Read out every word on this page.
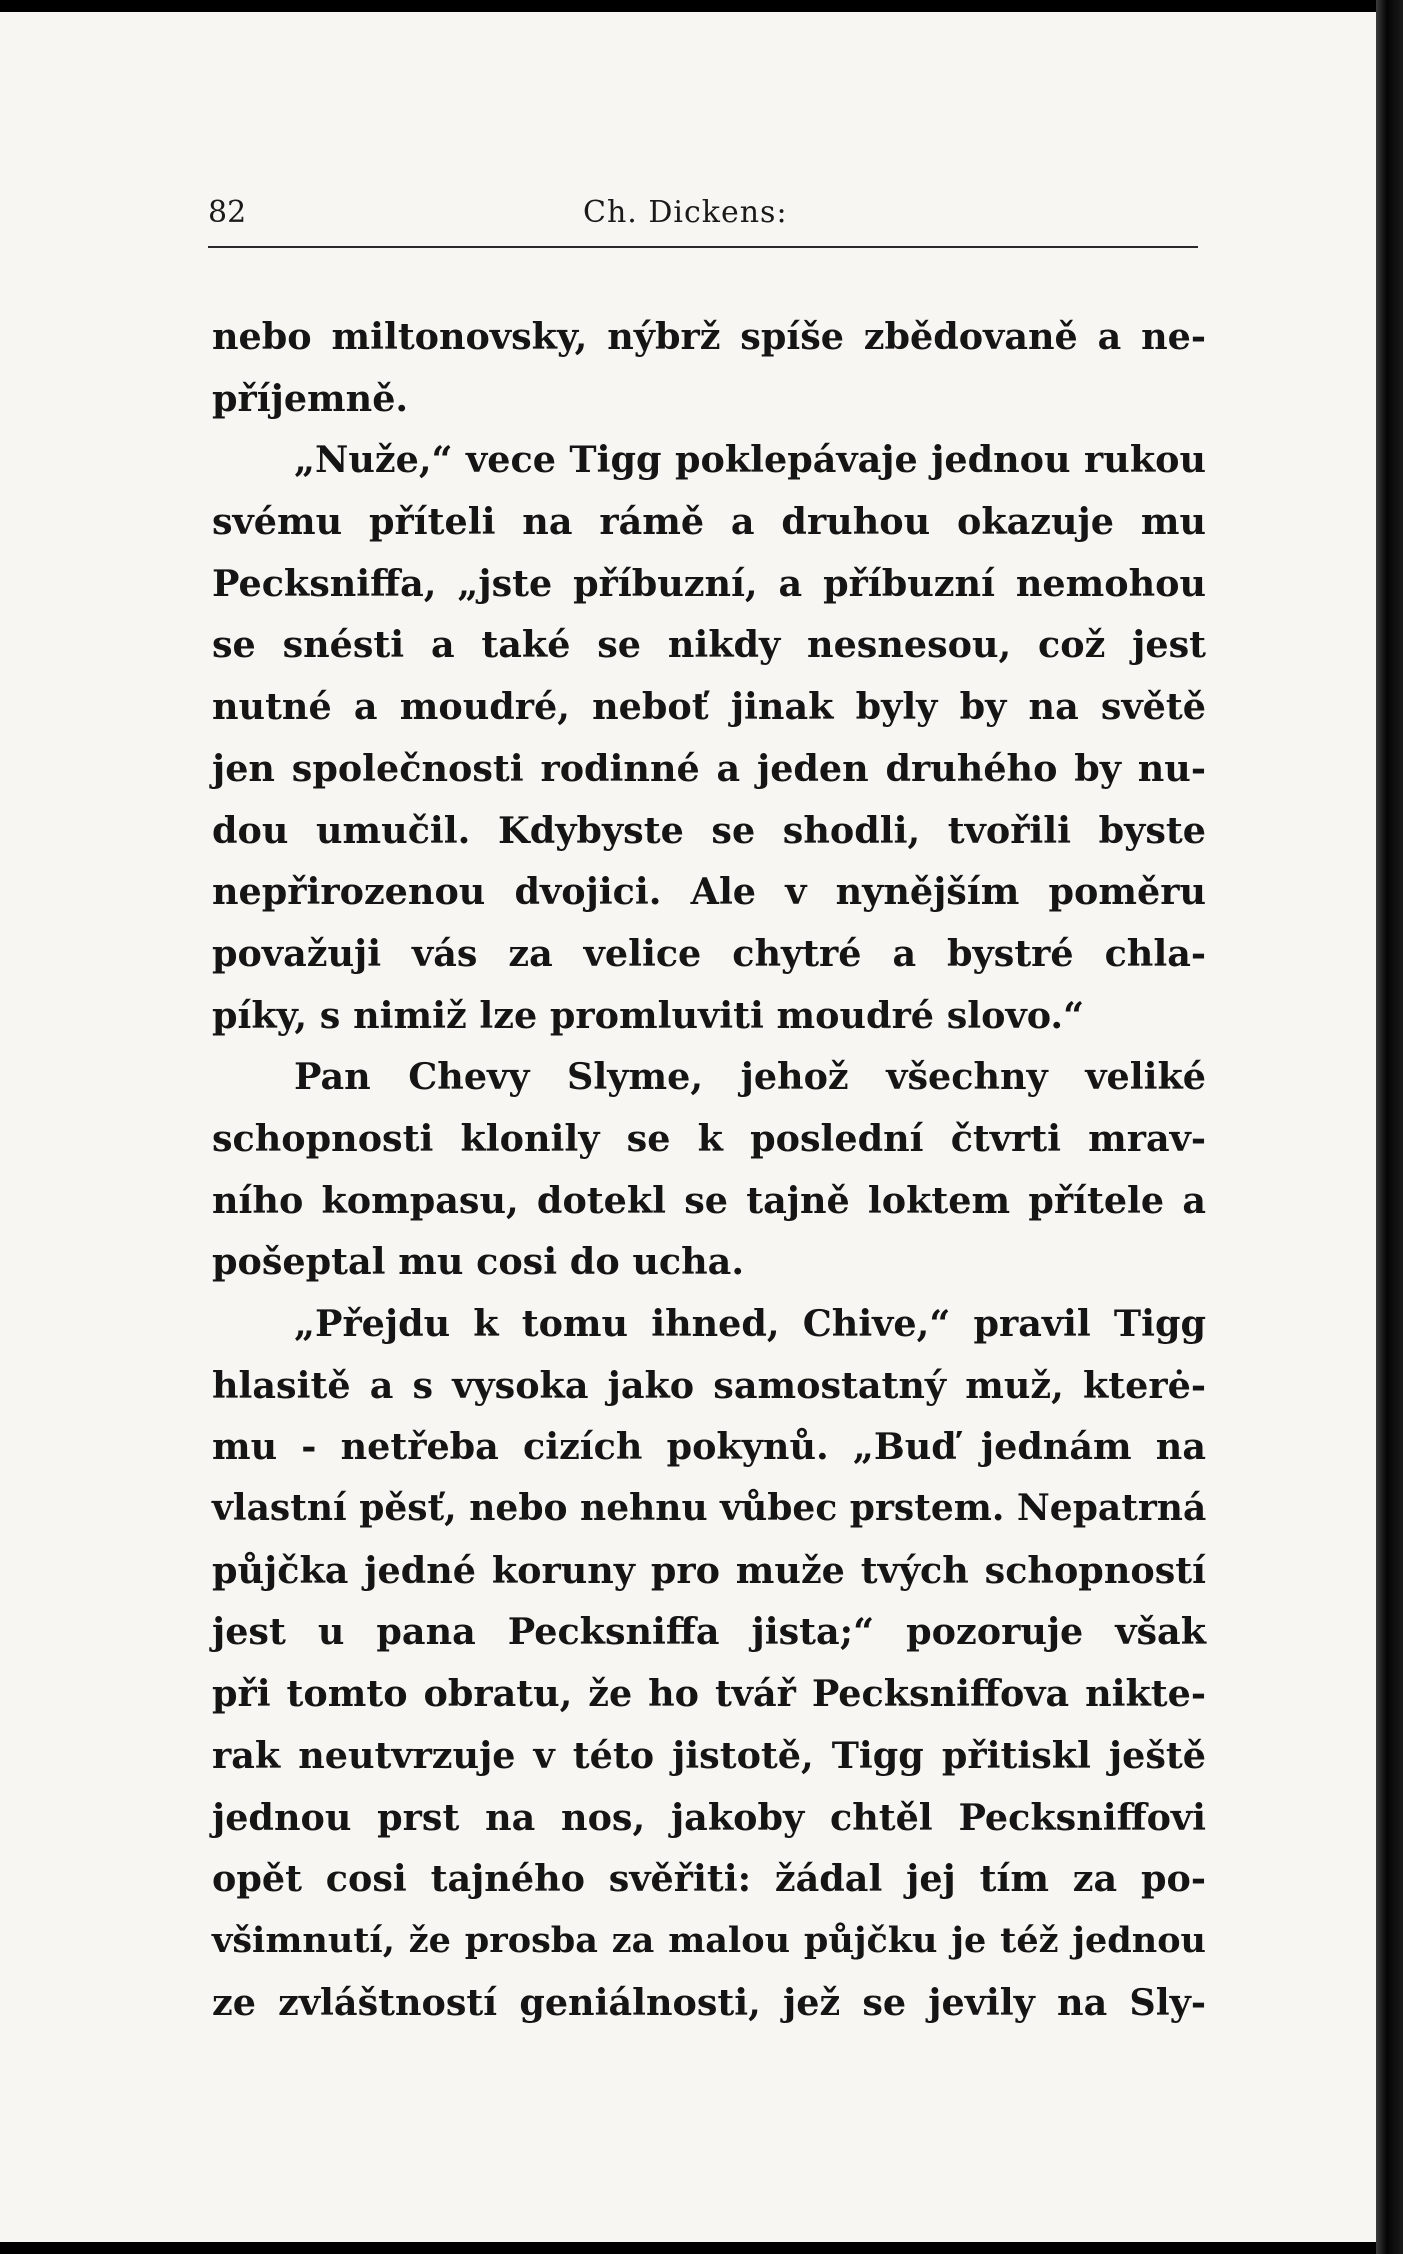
82	Ch. Dickens:
nebo miltonovsky, nýbrž spíše zbědovaně a ne-
příjemně.
„Nuže,“ vece Tigg poklepávaje jednou rukou
svému příteli na rámě a druhou okazuje mu
Pecksniffa, „jste příbuzní, a příbuzní nemohou
se snésti a také se nikdy nesnesou, což jest
nutné a moudré, neboť jinak byly by na světě
jen společnosti rodinné a jeden druhého by nu-
dou umučil. Kdybyste se shodli, tvořili byste
nepřirozenou dvojici. Ale v nynějším poměru
považuji vás za velice chytré a bystré chla-
píky, s nimiž lze promluviti moudré slovo.“
Pan Chevy Slyme, jehož všechny veliké
schopnosti klonily se k poslední čtvrti mrav-
ního kompasu, dotekl se tajně loktem přítele a
pošeptal mu cosi do ucha.
„Přejdu k tomu ihned, Chive,“ pravil Tigg
hlasitě a s vysoka jako samostatný muž, kterė-
mu - netřeba cizích pokynů. „Buď jednám na
vlastní pěsť, nebo nehnu vůbec prstem. Nepatrná
půjčka jedné koruny pro muže tvých schopností
jest u pana Pecksniffa jista;“ pozoruje však
při tomto obratu, že ho tvář Pecksniffova nikte-
rak neutvrzuje v této jistotě, Tigg přitiskl ještě
jednou prst na nos, jakoby chtěl Pecksniffovi
opět cosi tajného svěřiti: žádal jej tím za po-
všimnutí, že prosba za malou půjčku je též jednou
ze zvláštností geniálnosti, jež se jevily na Sly-
